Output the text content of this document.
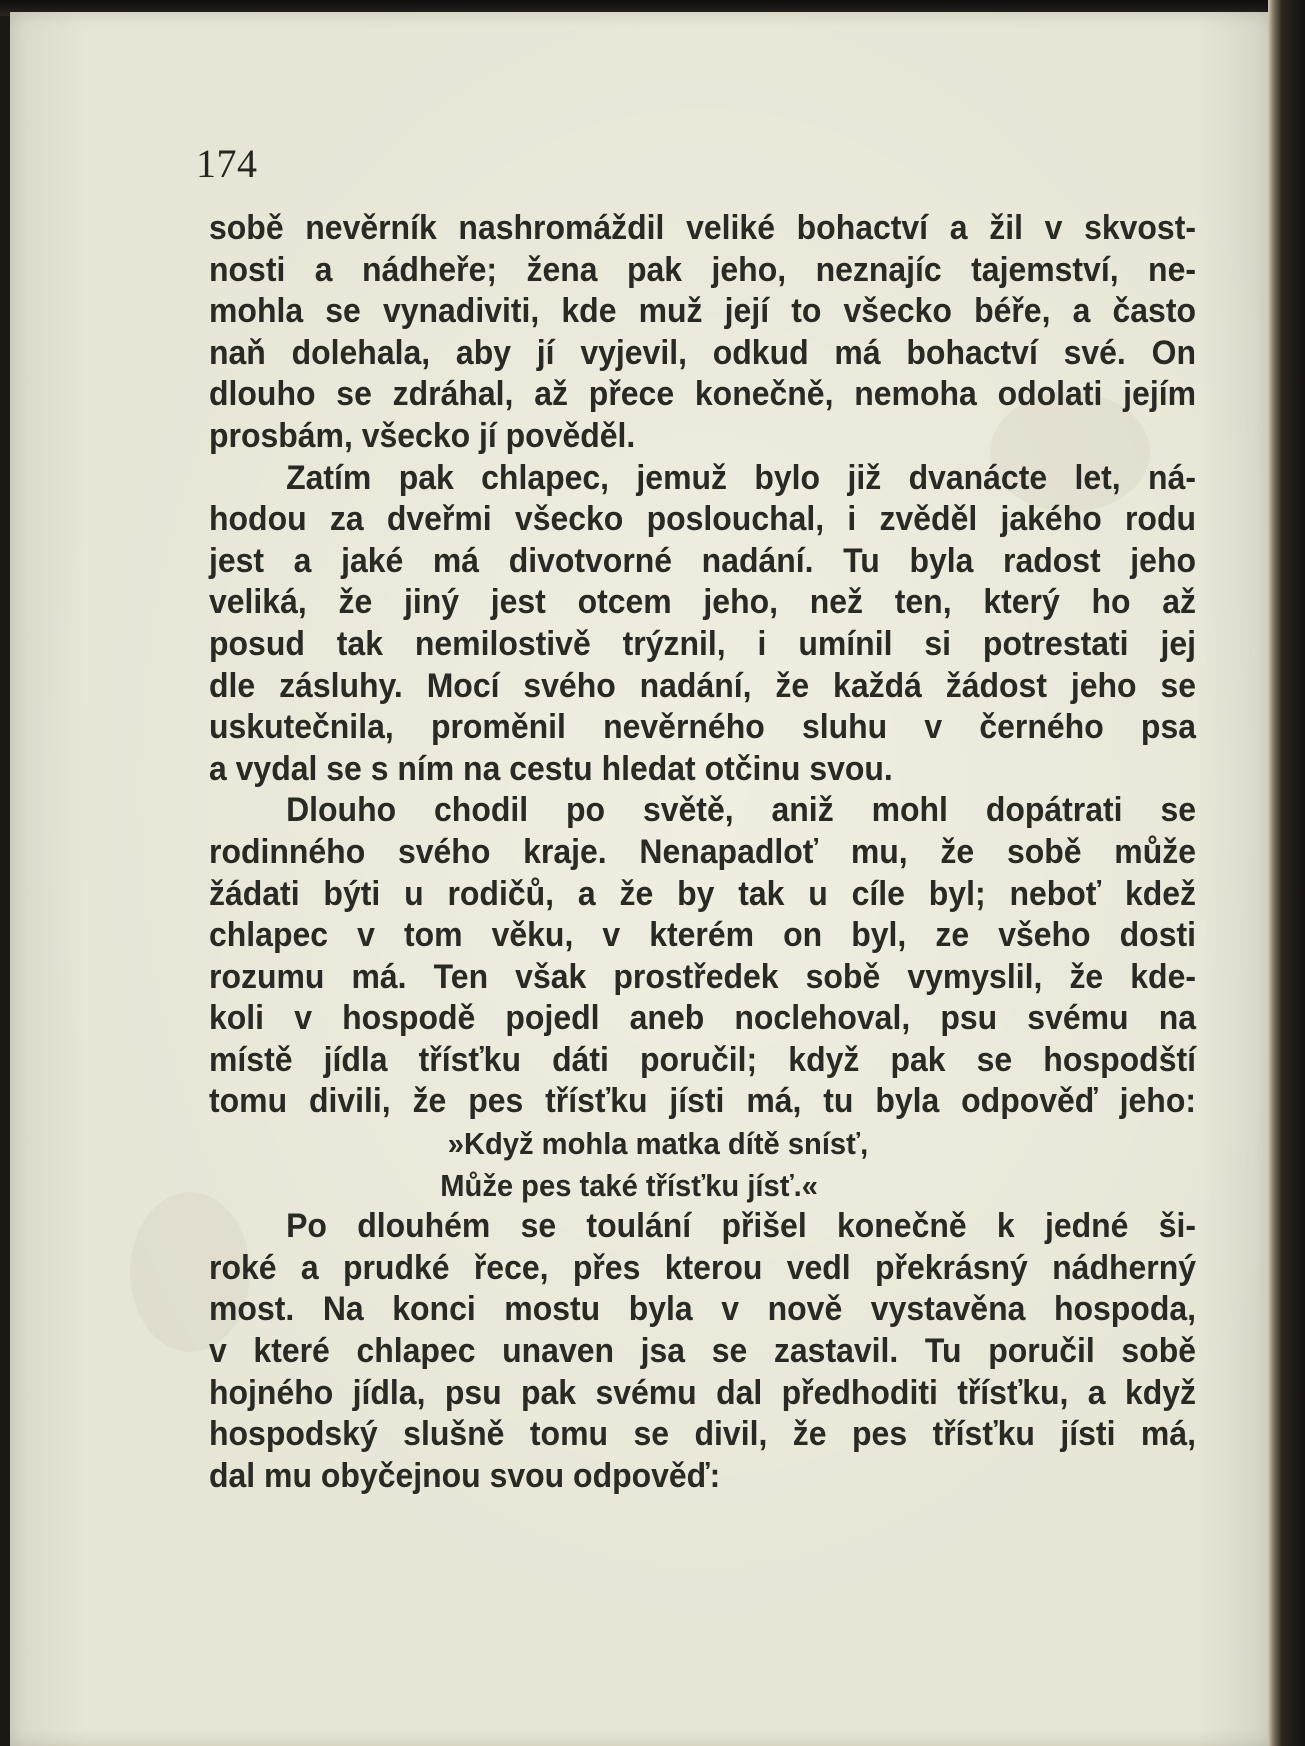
174
sobě nevěrník nashromáždil veliké bohactví a žil v skvost-
nosti a nádheře; žena pak jeho, neznajíc tajemství, ne-
mohla se vynadiviti, kde muž její to všecko béře, a často
naň dolehala, aby jí vyjevil, odkud má bohactví své. On
dlouho se zdráhal, až přece konečně, nemoha odolati jejím
prosbám, všecko jí pověděl.
Zatím pak chlapec, jemuž bylo již dvanácte let, ná-
hodou za dveřmi všecko poslouchal, i zvěděl jakého rodu
jest a jaké má divotvorné nadání. Tu byla radost jeho
veliká, že jiný jest otcem jeho, než ten, který ho až
posud tak nemilostivě trýznil, i umínil si potrestati jej
dle zásluhy. Mocí svého nadání, že každá žádost jeho se
uskutečnila, proměnil nevěrného sluhu v černého psa
a vydal se s ním na cestu hledat otčinu svou.
Dlouho chodil po světě, aniž mohl dopátrati se
rodinného svého kraje. Nenapadloť mu, že sobě může
žádati býti u rodičů, a že by tak u cíle byl; neboť kdež
chlapec v tom věku, v kterém on byl, ze všeho dosti
rozumu má. Ten však prostředek sobě vymyslil, že kde-
koli v hospodě pojedl aneb noclehoval, psu svému na
místě jídla třísťku dáti poručil; když pak se hospodští
tomu divili, že pes třísťku jísti má, tu byla odpověď jeho:
»Když mohla matka dítě snísť,
Může pes také třísťku jísť.«
Po dlouhém se toulání přišel konečně k jedné ši-
roké a prudké řece, přes kterou vedl překrásný nádherný
most. Na konci mostu byla v nově vystavěna hospoda,
v které chlapec unaven jsa se zastavil. Tu poručil sobě
hojného jídla, psu pak svému dal předhoditi třísťku, a když
hospodský slušně tomu se divil, že pes třísťku jísti má,
dal mu obyčejnou svou odpověď:
